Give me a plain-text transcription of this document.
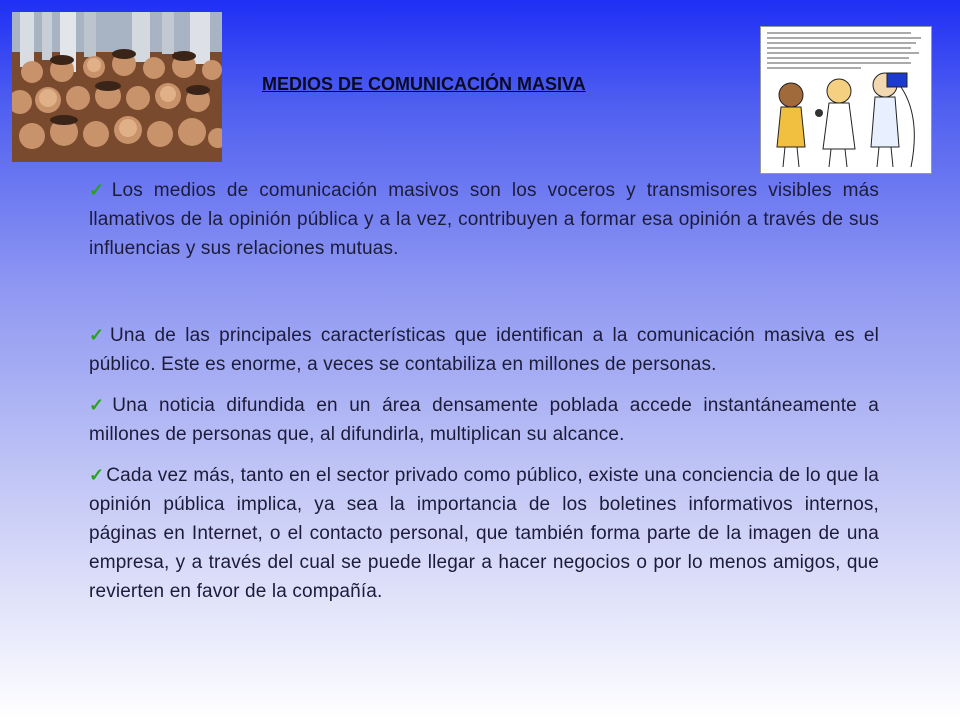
MEDIOS DE COMUNICACIÓN MASIVA

✓ Los medios de comunicación masivos son los voceros y transmisores visibles más llamativos de la opinión pública y a la vez, contribuyen a formar esa opinión a través de sus influencias y sus relaciones mutuas.

✓ Una de las principales características que identifican a la comunicación masiva es el público. Este es enorme, a veces se contabiliza en millones de personas.

✓ Una noticia difundida en un área densamente poblada accede instantáneamente a millones de personas que, al difundirla, multiplican su alcance.

✓ Cada vez más, tanto en el sector privado como público, existe una conciencia de lo que la opinión pública implica, ya sea la importancia de los boletines informativos internos, páginas en Internet, o el contacto personal, que también forma parte de la imagen de una empresa, y a través del cual se puede llegar a hacer negocios o por lo menos amigos, que revierten en favor de la compañía.
